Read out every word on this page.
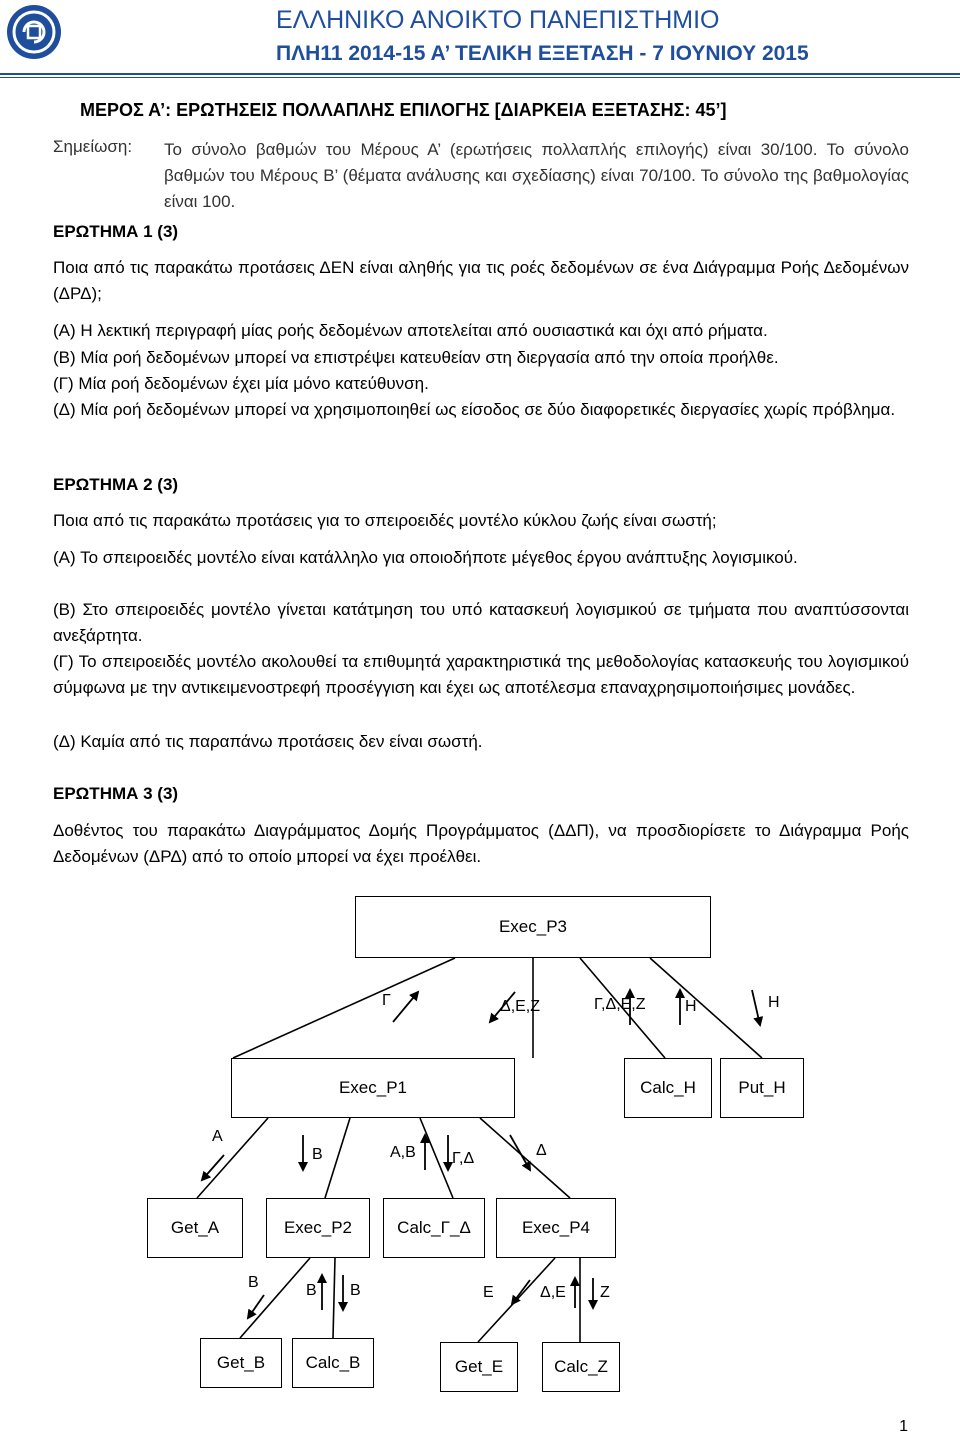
ΕΛΛΗΝΙΚΟ ΑΝΟΙΚΤΟ ΠΑΝΕΠΙΣΤΗΜΙΟ
ΠΛΗ11 2014-15 Α’ ΤΕΛΙΚΗ ΕΞΕΤΑΣΗ - 7 ΙΟΥΝΙΟΥ 2015
ΜΕΡΟΣ Α’: ΕΡΩΤΗΣΕΙΣ ΠΟΛΛΑΠΛΗΣ ΕΠΙΛΟΓΗΣ [ΔΙΑΡΚΕΙΑ ΕΞΕΤΑΣΗΣ: 45’]
Σημείωση: Το σύνολο βαθμών του Μέρους Α’ (ερωτήσεις πολλαπλής επιλογής) είναι 30/100. Το σύνολο βαθμών του Μέρους Β’ (θέματα ανάλυσης και σχεδίασης) είναι 70/100. Το σύνολο της βαθμολογίας είναι 100.
ΕΡΩΤΗΜΑ 1 (3)
Ποια από τις παρακάτω προτάσεις ΔΕΝ είναι αληθής για τις ροές δεδομένων σε ένα Διάγραμμα Ροής Δεδομένων (ΔΡΔ);
(Α) Η λεκτική περιγραφή μίας ροής δεδομένων αποτελείται από ουσιαστικά και όχι από ρήματα.
(Β) Μία ροή δεδομένων μπορεί να επιστρέψει κατευθείαν στη διεργασία από την οποία προήλθε.
(Γ) Μία ροή δεδομένων έχει μία μόνο κατεύθυνση.
(Δ) Μία ροή δεδομένων μπορεί να χρησιμοποιηθεί ως είσοδος σε δύο διαφορετικές διεργασίες χωρίς πρόβλημα.
ΕΡΩΤΗΜΑ 2 (3)
Ποια από τις παρακάτω προτάσεις για το σπειροειδές μοντέλο κύκλου ζωής είναι σωστή;
(Α) Το σπειροειδές μοντέλο είναι κατάλληλο για οποιοδήποτε μέγεθος έργου ανάπτυξης λογισμικού.
(Β) Στο σπειροειδές μοντέλο γίνεται κατάτμηση του υπό κατασκευή λογισμικού σε τμήματα που αναπτύσσονται ανεξάρτητα.
(Γ) Το σπειροειδές μοντέλο ακολουθεί τα επιθυμητά χαρακτηριστικά της μεθοδολογίας κατασκευής του λογισμικού σύμφωνα με την αντικειμενοστρεφή προσέγγιση και έχει ως αποτέλεσμα επαναχρησιμοποιήσιμες μονάδες.
(Δ) Καμία από τις παραπάνω προτάσεις δεν είναι σωστή.
ΕΡΩΤΗΜΑ 3 (3)
Δοθέντος του παρακάτω Διαγράμματος Δομής Προγράμματος (ΔΔΠ), να προσδιορίσετε το Διάγραμμα Ροής Δεδομένων (ΔΡΔ) από το οποίο μπορεί να έχει προέλθει.
Exec_P3
Exec_P1	Calc_H	Put_H
Get_A	Exec_P2	Calc_Γ_Δ	Exec_P4
Get_B	Calc_B	Get_E	Calc_Z
Γ	Δ,Ε,Ζ	Γ,Δ,Ε,Ζ Η	Η
Α
Β	Α,Β Γ,Δ	Δ
Β	Β Β	Ε	Δ,Ε Ζ
1
